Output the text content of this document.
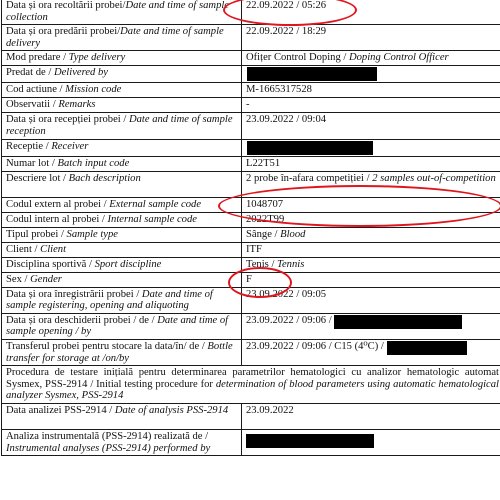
Data și ora recoltării probei/Date and time of sample collection	22.09.2022 / 05:26
Data și ora predării probei/Date and time of sample delivery	22.09.2022 / 18:29
Mod predare / Type delivery	Ofițer Control Doping / Doping Control Officer
Predat de / Delivered by	
Cod actiune / Mission code	M-1665317528
Observatii / Remarks	-
Data și ora recepției probei / Date and time of sample reception	23.09.2022 / 09:04
Receptie / Receiver	
Numar lot / Batch input code	L22T51
Descriere lot / Bach description	2 probe în-afara competiției / 2 samples out-of-competition
Codul extern al probei / External sample code	1048707
Codul intern al probei / Internal sample code	2022T99
Tipul probei / Sample type	Sânge / Blood
Client / Client	ITF
Disciplina sportivă / Sport discipline	Tenis / Tennis
Sex / Gender	F
Data și ora înregistrării probei / Date and time of sample registering, opening and aliquoting	23.09.2022 / 09:05
Data și ora deschiderii probei / de / Date and time of sample opening / by	23.09.2022 / 09:06 /
Transferul probei pentru stocare la data/în/ de / Bottle transfer for storage at /on/by	23.09.2022 / 09:06 / C15 (4⁰C) /
Procedura de testare inițială pentru determinarea parametrilor hematologici cu analizor hematologic automat Sysmex, PSS-2914 / Initial testing procedure for determination of blood parameters using automatic hematological analyzer Sysmex, PSS-2914	
Data analizei PSS-2914 / Date of analysis PSS-2914	23.09.2022
Analiza instrumentală (PSS-2914) realizată de / Instrumental analyses (PSS-2914) performed by	
